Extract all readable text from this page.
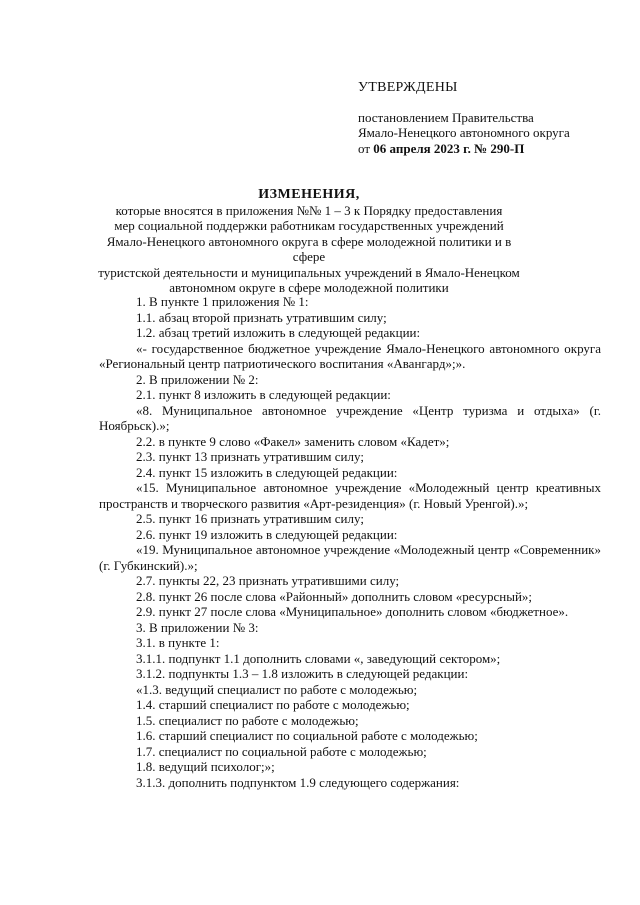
УТВЕРЖДЕНЫ
постановлением Правительства
Ямало-Ненецкого автономного округа
от 06 апреля 2023 г. № 290-П
ИЗМЕНЕНИЯ,
которые вносятся в приложения №№ 1 – 3 к Порядку предоставления
мер социальной поддержки работникам государственных учреждений
Ямало-Ненецкого автономного округа в сфере молодежной политики и в сфере
туристской деятельности и муниципальных учреждений в Ямало-Ненецком
автономном округе в сфере молодежной политики

1. В пункте 1 приложения № 1:

1.1. абзац второй признать утратившим силу;

1.2. абзац третий изложить в следующей редакции:

«- государственное бюджетное учреждение Ямало-Ненецкого автономного округа «Региональный центр патриотического воспитания «Авангард»;».

2. В приложении № 2:

2.1. пункт 8 изложить в следующей редакции:

«8. Муниципальное автономное учреждение «Центр туризма и отдыха» (г. Ноябрьск).»;

2.2. в пункте 9 слово «Факел» заменить словом «Кадет»;

2.3. пункт 13 признать утратившим силу;

2.4. пункт 15 изложить в следующей редакции:

«15. Муниципальное автономное учреждение «Молодежный центр креативных пространств и творческого развития «Арт-резиденция» (г. Новый Уренгой).»;

2.5. пункт 16 признать утратившим силу;

2.6. пункт 19 изложить в следующей редакции:

«19. Муниципальное автономное учреждение «Молодежный центр «Современник» (г. Губкинский).»;

2.7. пункты 22, 23 признать утратившими силу;

2.8. пункт 26 после слова «Районный» дополнить словом «ресурсный»;

2.9. пункт 27 после слова «Муниципальное» дополнить словом «бюджетное».

3. В приложении № 3:

3.1. в пункте 1:

3.1.1. подпункт 1.1 дополнить словами «, заведующий сектором»;

3.1.2. подпункты 1.3 – 1.8 изложить в следующей редакции:

«1.3. ведущий специалист по работе с молодежью;

1.4. старший специалист по работе с молодежью;

1.5. специалист по работе с молодежью;

1.6. старший специалист по социальной работе с молодежью;

1.7. специалист по социальной работе с молодежью;

1.8. ведущий психолог;»;

3.1.3. дополнить подпунктом 1.9 следующего содержания:
